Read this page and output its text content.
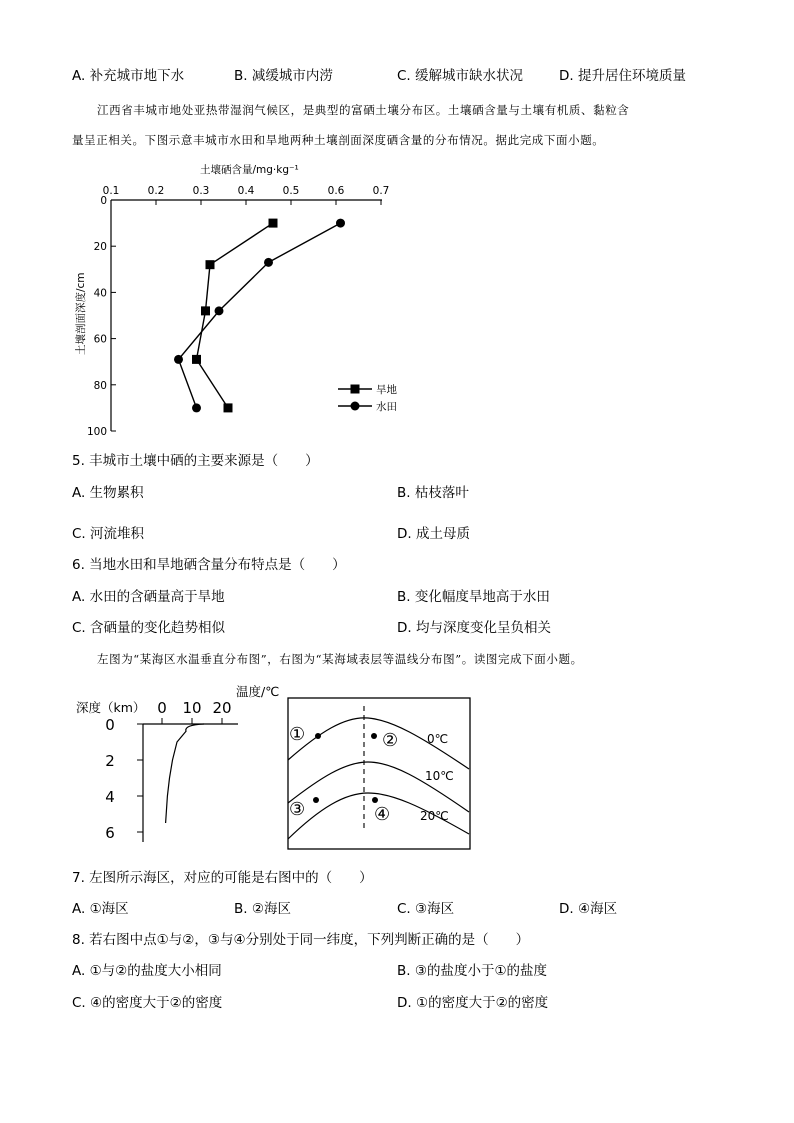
A. 补充城市地下水	B. 减缓城市内涝	C. 缓解城市缺水状况	D. 提升居住环境质量
江西省丰城市地处亚热带湿润气候区，是典型的富硒土壤分布区。土壤硒含量与土壤有机质、黏粒含
量呈正相关。下图示意丰城市水田和旱地两种土壤剖面深度硒含量的分布情况。据此完成下面小题。
土壤硒含量/mg·kg⁻¹
土壤剖面深度/cm
0.1	0.2	0.3	0.4	0.5	0.6	0.7
0
20
40
60
80
100
旱地
水田
5. 丰城市土壤中硒的主要来源是（　　）
A. 生物累积	B. 枯枝落叶
C. 河流堆积	D. 成土母质
6. 当地水田和旱地硒含量分布特点是（　　）
A. 水田的含硒量高于旱地	B. 变化幅度旱地高于水田
C. 含硒量的变化趋势相似	D. 均与深度变化呈负相关
左图为“某海区水温垂直分布图”，右图为“某海域表层等温线分布图”。读图完成下面小题。
深度（km）
温度/℃
0 10 20
0
2
4
6
0℃
10℃
20℃
①	②
③	④
7. 左图所示海区，对应的可能是右图中的（　　）
A. ①海区	B. ②海区	C. ③海区	D. ④海区
8. 若右图中点①与②，③与④分别处于同一纬度，下列判断正确的是（　　）
A. ①与②的盐度大小相同	B. ③的盐度小于①的盐度
C. ④的密度大于②的密度	D. ①的密度大于②的密度
